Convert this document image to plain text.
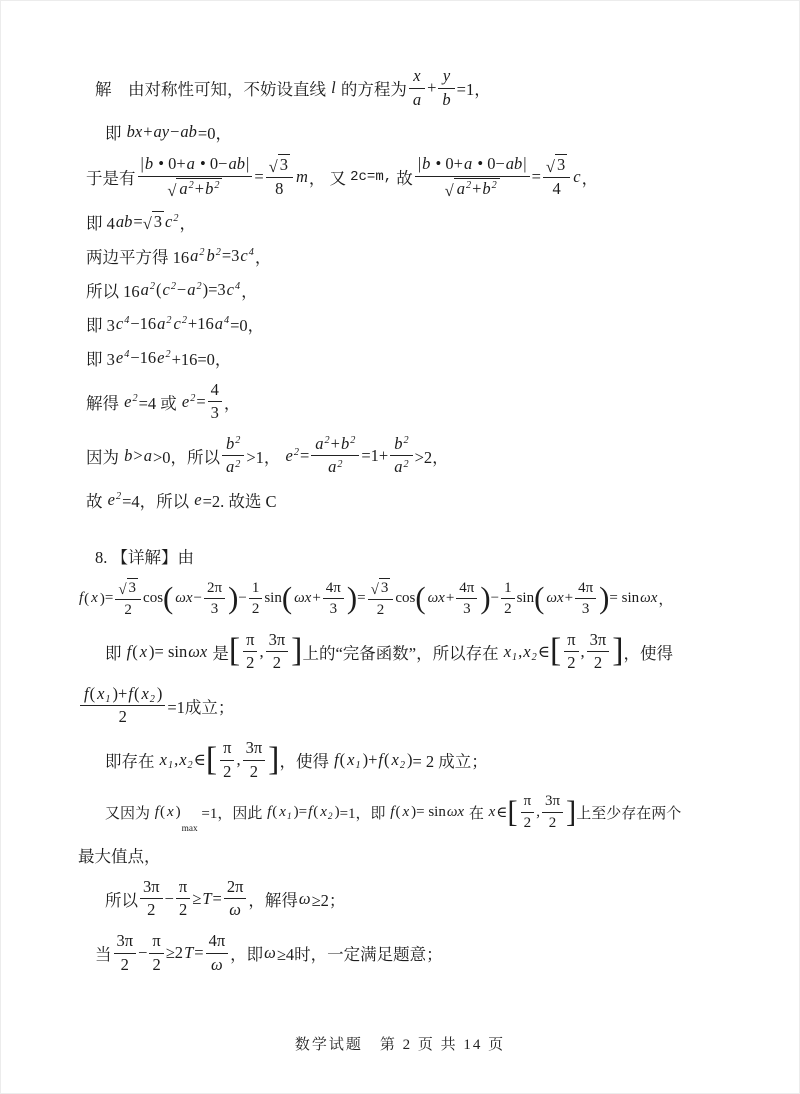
解　由对称性可知，不妨设直线 l 的方程为 $\frac{x}{a} + \frac{y}{b} =1$，
即 bx + ay − ab =0，
于是有 $\frac{| b • 0+ a • 0- ab |}{√ a^2+b^2} = \frac{√ 3}{8}$ m ， 又 2c=m, 故 $\frac{| b • 0+ a • 0- ab |}{√ a^2+b^2} = \frac{√ 3}{4}$ c ，
即 4 ab = √ 3 $c^2$ ，
两边平方得 16 $a^2$ $b^2 =3$ $c^4$ ，
所以 16 $a^2$ ( $c^2 - a^2$ )=3 $c^4$ ，
即 3 $c^4 -16$ $a^2$ $c^2 +16$ $a^4 =0$，
即 3 $e^4 -16$ $e^2 +16=0$，
解得 $e^2 =4$ 或 $e^2 = \frac{4}{3}$ ，
因为 b > a >0，所以 $\frac{b^2}{a^2} >1$， $e^2 = \frac{a^2 + b^2}{a^2} =1+ \frac{b^2}{a^2} >2$，
故 $e^2 =4$，所以 e =2. 故选 C
8. 【详解】由
f ( x ) = $\frac{√ 3}{2}$ cos ( $\omega x - \frac{2\pi}{3}$ ) − $\frac{1}{2}$ sin ( $\omega x + \frac{4\pi}{3}$ ) = $\frac{√ 3}{2}$ cos ( $\omega x + \frac{4\pi}{3}$ ) − $\frac{1}{2}$ sin ( $\omega x + \frac{4\pi}{3}$ ) = sin ωx ，
即 f ( x ) = sin ωx 是 [ $\frac{\pi}{2}$ , $\frac{3\pi}{2}$ ] 上的“完备函数”，所以存在 x1 , x2 ∈ [ $\frac{\pi}{2}$ , $\frac{3\pi}{2}$ ] ，使得
$\frac{f ( x1 ) + f ( x2 )}{2} =1$成立；
即存在 x1 , x2 ∈ [ $\frac{\pi}{2}$ , $\frac{3\pi}{2}$ ] ，使得 f ( x1 ) + f ( x2 ) = 2 成立；
又因为 f ( x )
max
=1，因此 f ( x1 ) = f ( x2 ) =1，即 f ( x ) = sin ωx 在 x ∈ [ $\frac{\pi}{2}$ , $\frac{3\pi}{2}$ ] 上至少存在两个
最大值点，
所以 $\frac{3\pi}{2} - \frac{\pi}{2} \ge T = \frac{2\pi}{\omega}$ ，解得 ω ≥2；
当 $\frac{3\pi}{2} - \frac{\pi}{2} \ge 2$ $T = \frac{4\pi}{\omega}$ ，即 ω ≥4时，一定满足题意；
数学试题　第 2 页 共 14 页
